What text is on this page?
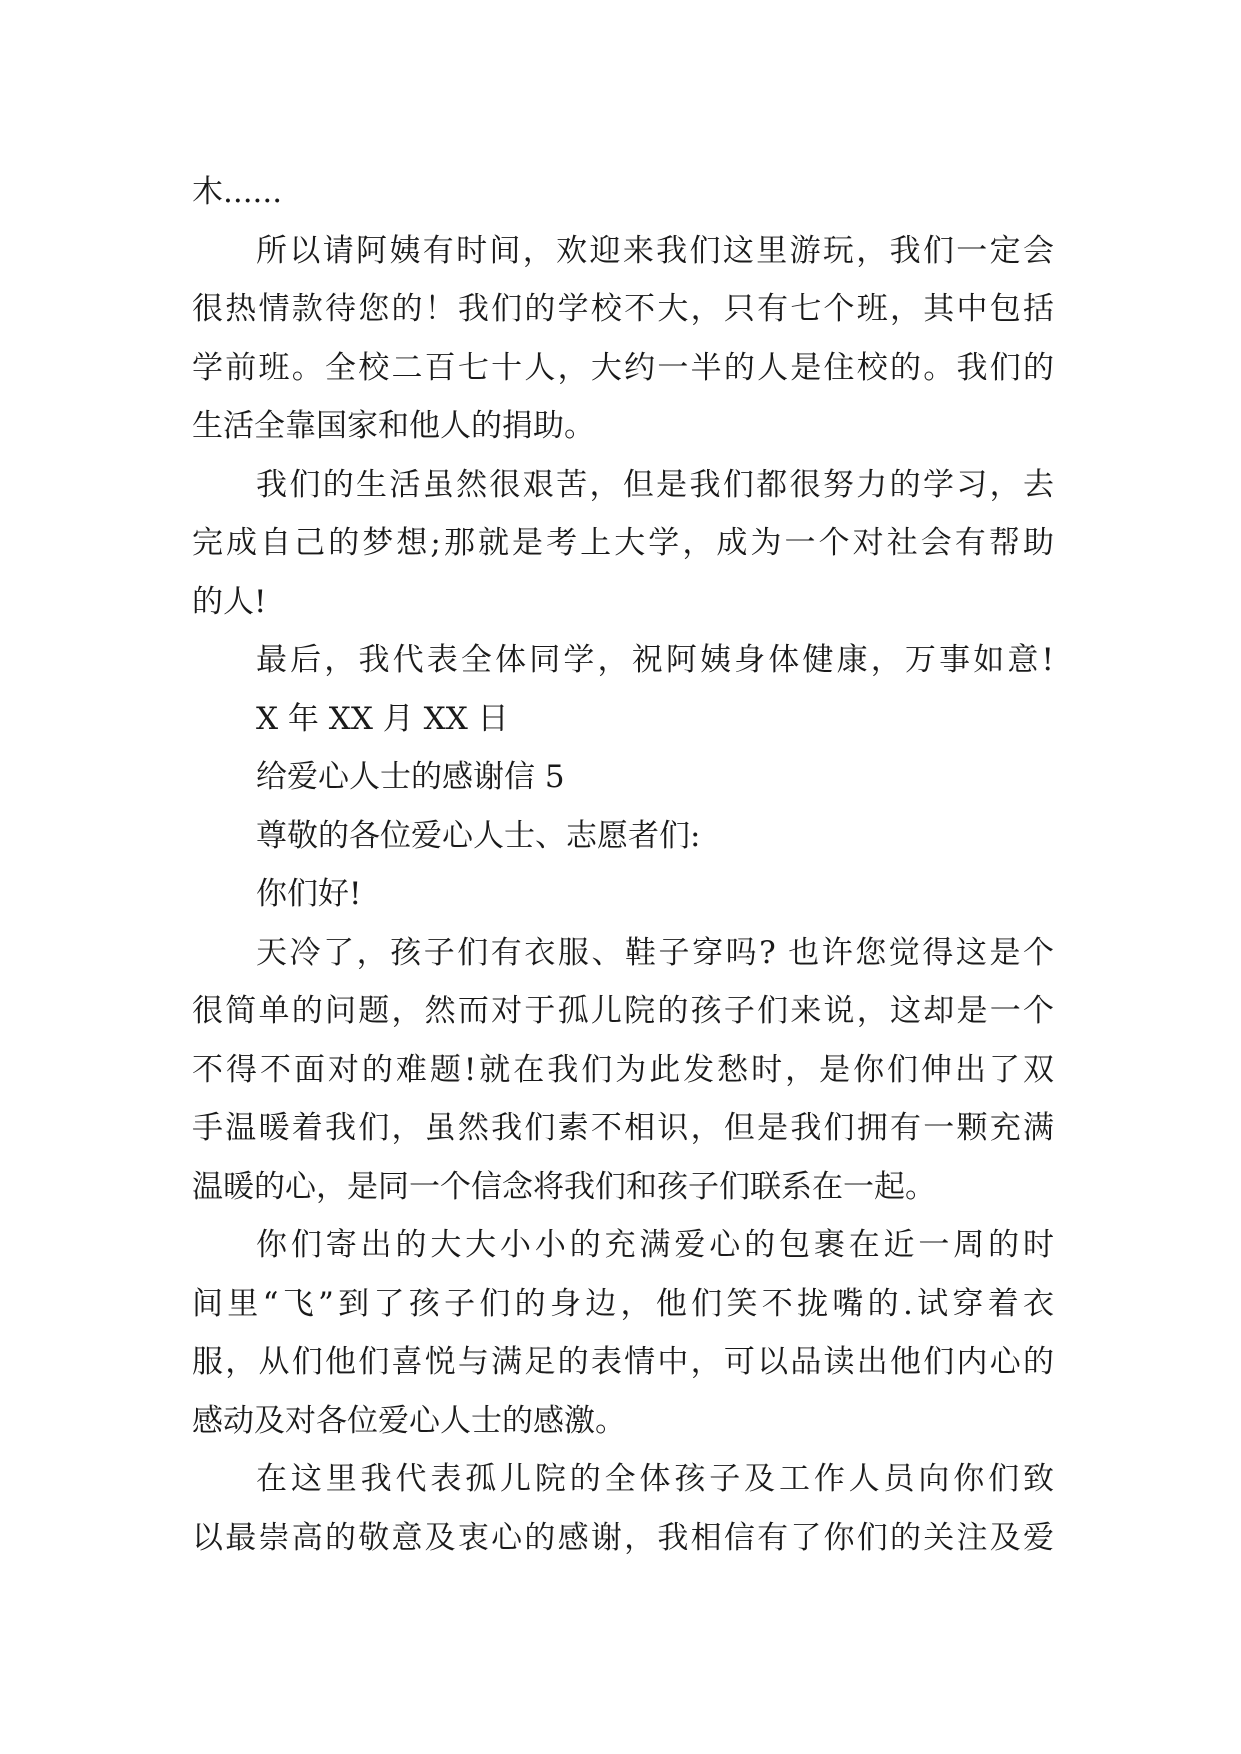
木......
所以请阿姨有时间，欢迎来我们这里游玩，我们一定会
很热情款待您的！我们的学校不大，只有七个班，其中包括
学前班。全校二百七十人，大约一半的人是住校的。我们的
生活全靠国家和他人的捐助。
我们的生活虽然很艰苦，但是我们都很努力的学习，去
完成自己的梦想;那就是考上大学，成为一个对社会有帮助
的人!
最后，我代表全体同学，祝阿姨身体健康，万事如意!
X 年 XX 月 XX 日
给爱心人士的感谢信 5
尊敬的各位爱心人士、志愿者们:
你们好!
天冷了，孩子们有衣服、鞋子穿吗? 也许您觉得这是个
很简单的问题，然而对于孤儿院的孩子们来说，这却是一个
不得不面对的难题!就在我们为此发愁时，是你们伸出了双
手温暖着我们，虽然我们素不相识，但是我们拥有一颗充满
温暖的心，是同一个信念将我们和孩子们联系在一起。
你们寄出的大大小小的充满爱心的包裹在近一周的时
间里“飞”到了孩子们的身边，他们笑不拢嘴的.试穿着衣
服，从们他们喜悦与满足的表情中，可以品读出他们内心的
感动及对各位爱心人士的感激。
在这里我代表孤儿院的全体孩子及工作人员向你们致
以最崇高的敬意及衷心的感谢，我相信有了你们的关注及爱
